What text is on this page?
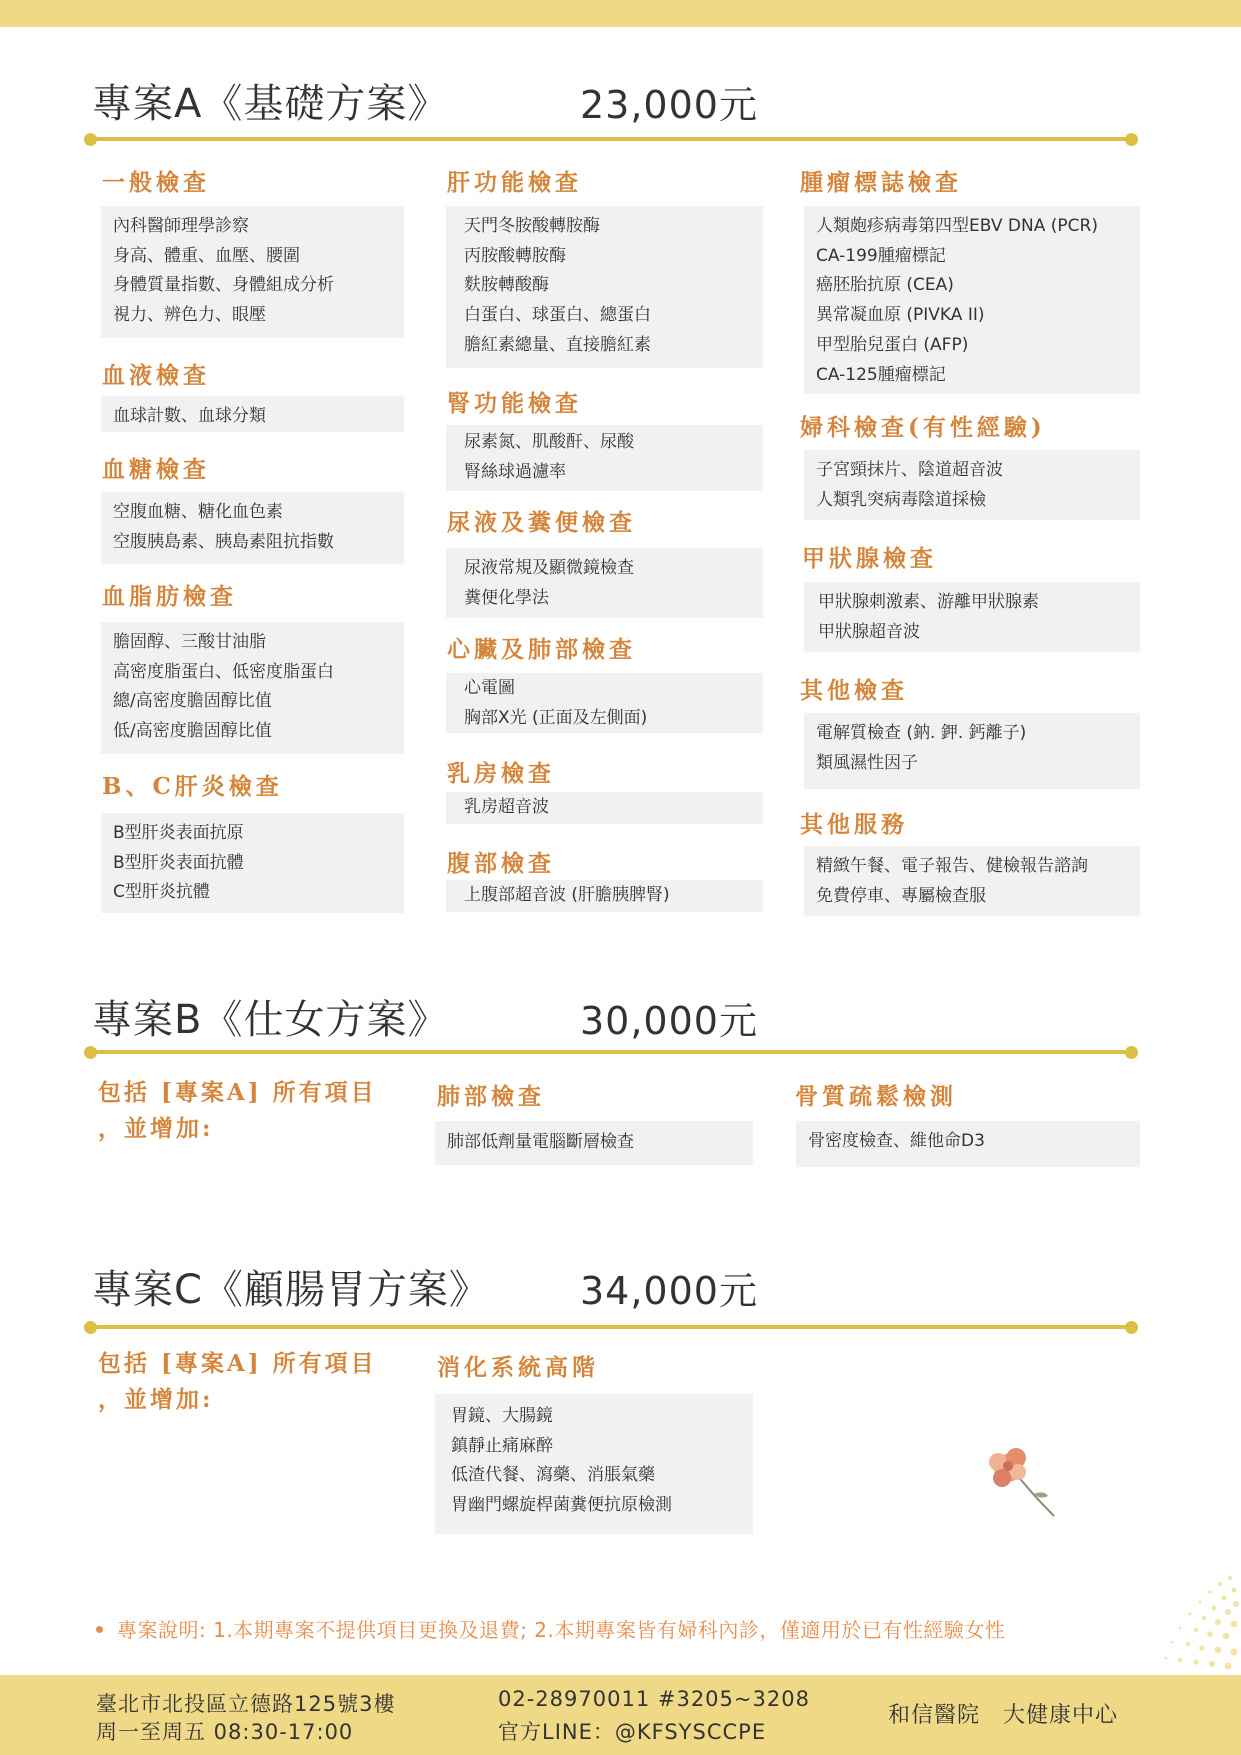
專案A《基礎方案》	23,000元
一般檢查
內科醫師理學診察
身高、體重、血壓、腰圍
身體質量指數、身體組成分析
視力、辨色力、眼壓
血液檢查
血球計數、血球分類
血糖檢查
空腹血糖、糖化血色素
空腹胰島素、胰島素阻抗指數
血脂肪檢查
膽固醇、三酸甘油脂
高密度脂蛋白、低密度脂蛋白
總/高密度膽固醇比值
低/高密度膽固醇比值
B、C肝炎檢查
B型肝炎表面抗原
B型肝炎表面抗體
C型肝炎抗體
肝功能檢查
天門冬胺酸轉胺酶
丙胺酸轉胺酶
麩胺轉酸酶
白蛋白、球蛋白、總蛋白
膽紅素總量、直接膽紅素
腎功能檢查
尿素氮、肌酸酐、尿酸
腎絲球過濾率
尿液及糞便檢查
尿液常規及顯微鏡檢查
糞便化學法
心臟及肺部檢查
心電圖
胸部X光 (正面及左側面)
乳房檢查
乳房超音波
腹部檢查
上腹部超音波 (肝膽胰脾腎)
腫瘤標誌檢查
人類皰疹病毒第四型EBV DNA (PCR)
CA-199腫瘤標記
癌胚胎抗原 (CEA)
異常凝血原 (PIVKA II)
甲型胎兒蛋白 (AFP)
CA-125腫瘤標記
婦科檢查(有性經驗)
子宮頸抹片、陰道超音波
人類乳突病毒陰道採檢
甲狀腺檢查
甲狀腺刺激素、游離甲狀腺素
甲狀腺超音波
其他檢查
電解質檢查 (鈉. 鉀. 鈣離子)
類風濕性因子
其他服務
精緻午餐、電子報告、健檢報告諮詢
免費停車、專屬檢查服
專案B《仕女方案》	30,000元
包括 [專案A] 所有項目
，並增加:
肺部檢查
肺部低劑量電腦斷層檢查
骨質疏鬆檢測
骨密度檢查、維他命D3
專案C《顧腸胃方案》 34,000元
包括 [專案A] 所有項目
，並增加:
消化系統高階
胃鏡、大腸鏡
鎮靜止痛麻醉
低渣代餐、瀉藥、消脹氣藥
胃幽門螺旋桿菌糞便抗原檢測
專案說明: 1.本期專案不提供項目更換及退費; 2.本期專案皆有婦科內診，僅適用於已有性經驗女性
臺北市北投區立德路125號3樓
周一至周五 08:30-17:00
02-28970011 #3205~3208
官方LINE：@KFSYSCCPE
和信醫院　大健康中心
